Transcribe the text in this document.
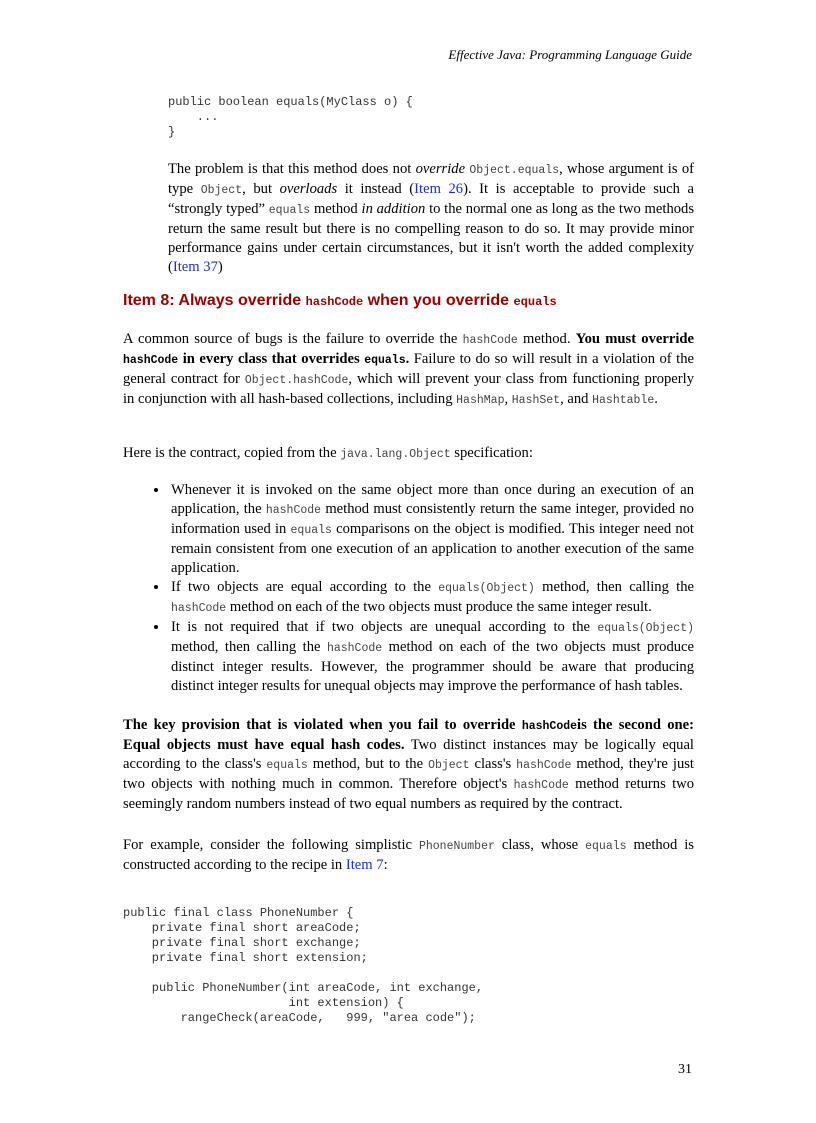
Effective Java: Programming Language Guide
public boolean equals(MyClass o) {
...
}

The problem is that this method does not override Object.equals, whose argument is of type Object, but overloads it instead (Item 26). It is acceptable to provide such a “strongly typed” equals method in addition to the normal one as long as the two methods return the same result but there is no compelling reason to do so. It may provide minor performance gains under certain circumstances, but it isn't worth the added complexity (Item 37)

Item 8: Always override hashCode when you override equals

A common source of bugs is the failure to override the hashCode method. You must override hashCode in every class that overrides equals. Failure to do so will result in a violation of the general contract for Object.hashCode, which will prevent your class from functioning properly in conjunction with all hash-based collections, including HashMap, HashSet, and Hashtable.

Here is the contract, copied from the java.lang.Object specification:

• Whenever it is invoked on the same object more than once during an execution of an application, the hashCode method must consistently return the same integer, provided no information used in equals comparisons on the object is modified. This integer need not remain consistent from one execution of an application to another execution of the same application.
• If two objects are equal according to the equals(Object) method, then calling the hashCode method on each of the two objects must produce the same integer result.
• It is not required that if two objects are unequal according to the equals(Object) method, then calling the hashCode method on each of the two objects must produce distinct integer results. However, the programmer should be aware that producing distinct integer results for unequal objects may improve the performance of hash tables.

The key provision that is violated when you fail to override hashCodeis the second one: Equal objects must have equal hash codes. Two distinct instances may be logically equal according to the class's equals method, but to the Object class's hashCode method, they're just two objects with nothing much in common. Therefore object's hashCode method returns two seemingly random numbers instead of two equal numbers as required by the contract.

For example, consider the following simplistic PhoneNumber class, whose equals method is constructed according to the recipe in Item 7:

public final class PhoneNumber {
private final short areaCode;
private final short exchange;
private final short extension;

public PhoneNumber(int areaCode, int exchange,
int extension) {
rangeCheck(areaCode,   999, "area code");
31
